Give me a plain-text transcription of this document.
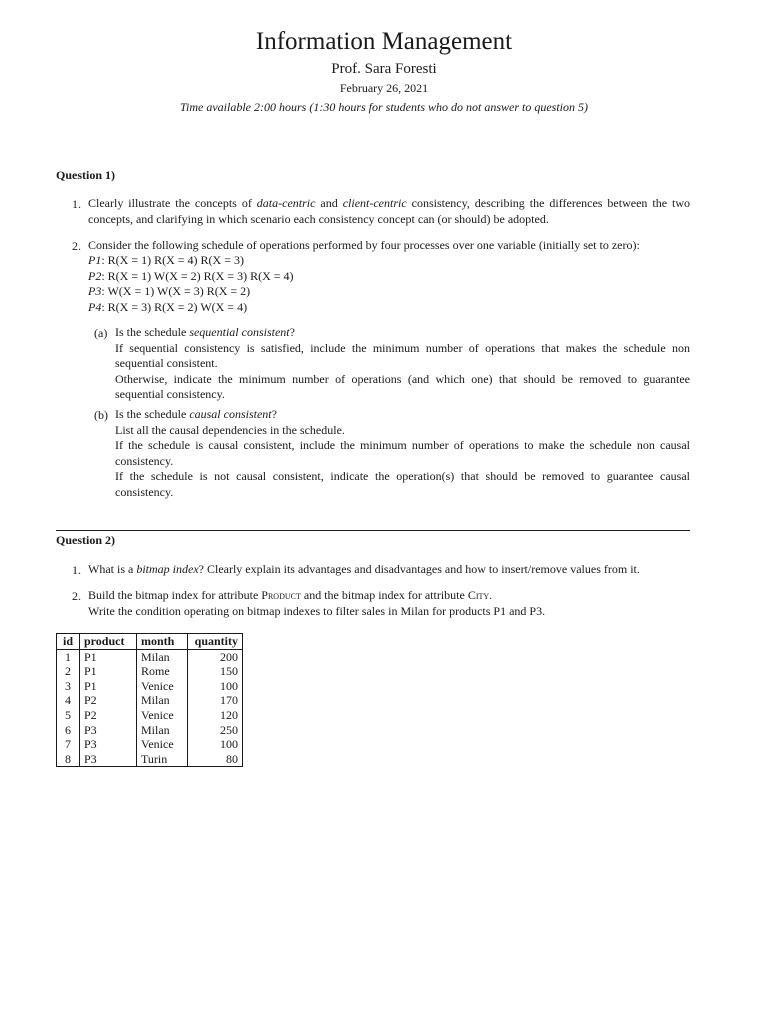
Information Management
Prof. Sara Foresti
February 26, 2021
Time available 2:00 hours (1:30 hours for students who do not answer to question 5)
Question 1)
1. Clearly illustrate the concepts of data-centric and client-centric consistency, describing the differences between the two concepts, and clarifying in which scenario each consistency concept can (or should) be adopted.
2. Consider the following schedule of operations performed by four processes over one variable (initially set to zero):
P1: R(X = 1) R(X = 4) R(X = 3)
P2: R(X = 1) W(X = 2) R(X = 3) R(X = 4)
P3: W(X = 1) W(X = 3) R(X = 2)
P4: R(X = 3) R(X = 2) W(X = 4)
(a) Is the schedule sequential consistent?
If sequential consistency is satisfied, include the minimum number of operations that makes the schedule non sequential consistent.
Otherwise, indicate the minimum number of operations (and which one) that should be removed to guarantee sequential consistency.
(b) Is the schedule causal consistent?
List all the causal dependencies in the schedule.
If the schedule is causal consistent, include the minimum number of operations to make the schedule non causal consistency.
If the schedule is not causal consistent, indicate the operation(s) that should be removed to guarantee causal consistency.
Question 2)
1. What is a bitmap index? Clearly explain its advantages and disadvantages and how to insert/remove values from it.
2. Build the bitmap index for attribute Product and the bitmap index for attribute City.
Write the condition operating on bitmap indexes to filter sales in Milan for products P1 and P3.
id	product	month	quantity
1	P1	Milan	200
2	P1	Rome	150
3	P1	Venice	100
4	P2	Milan	170
5	P2	Venice	120
6	P3	Milan	250
7	P3	Venice	100
8	P3	Turin	80
